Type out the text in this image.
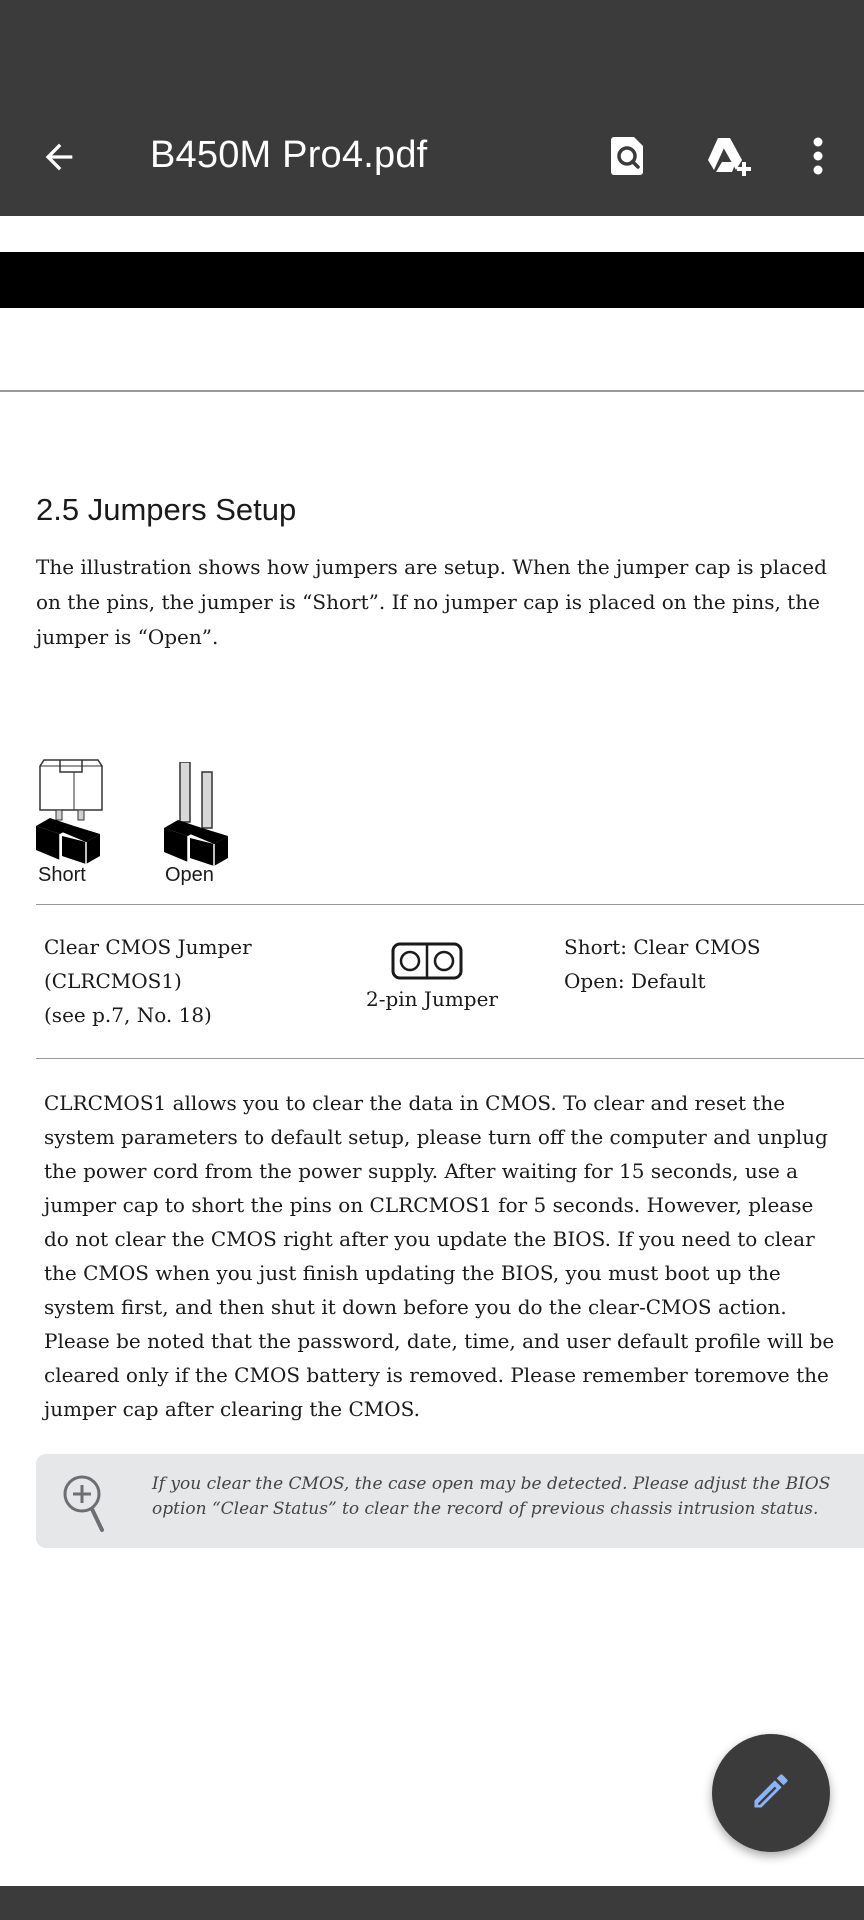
B450M Pro4.pdf
2.5 Jumpers Setup
The illustration shows how jumpers are setup. When the jumper cap is placed on the pins, the jumper is “Short”. If no jumper cap is placed on the pins, the jumper is “Open”.
Short	Open
Clear CMOS Jumper
(CLRCMOS1)
(see p.7, No. 18)
2-pin Jumper
Short: Clear CMOS
Open: Default
CLRCMOS1 allows you to clear the data in CMOS. To clear and reset the system parameters to default setup, please turn off the computer and unplug the power cord from the power supply. After waiting for 15 seconds, use a jumper cap to short the pins on CLRCMOS1 for 5 seconds. However, please do not clear the CMOS right after you update the BIOS. If you need to clear the CMOS when you just finish updating the BIOS, you must boot up the system first, and then shut it down before you do the clear-CMOS action. Please be noted that the password, date, time, and user default profile will be cleared only if the CMOS battery is removed. Please remember toremove the jumper cap after clearing the CMOS.
If you clear the CMOS, the case open may be detected. Please adjust the BIOS option “Clear Status” to clear the record of previous chassis intrusion status.
